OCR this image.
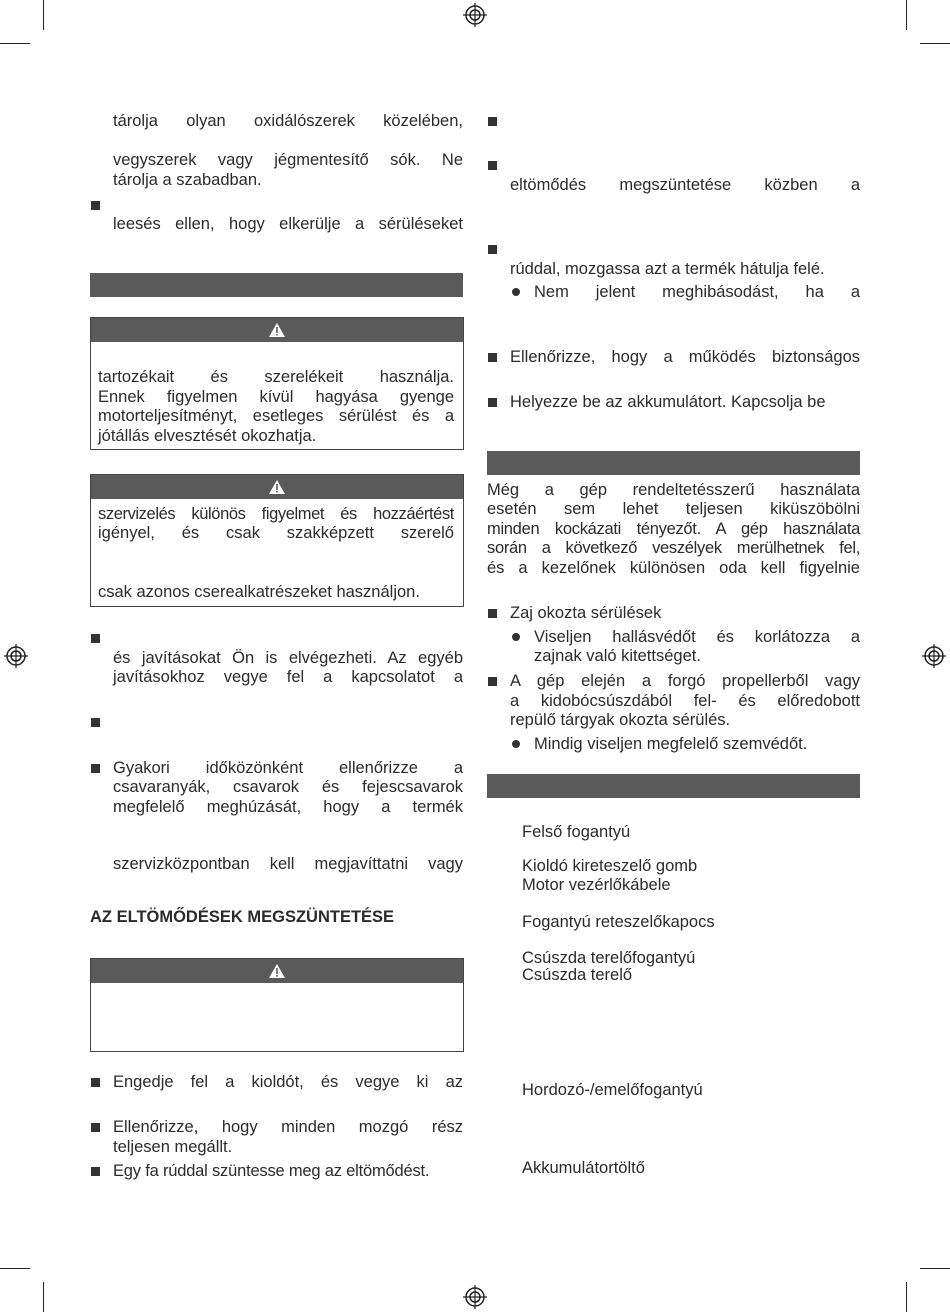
tárolja olyan oxidálószerek közelében,
vegyszerek vagy jégmentesítő sók. Ne
tárolja a szabadban.
leesés ellen, hogy elkerülje a sérüléseket
tartozékait és szerelékeit használja.
Ennek figyelmen kívül hagyása gyenge
motorteljesítményt, esetleges sérülést és a
jótállás elvesztését okozhatja.
szervizelés különös figyelmet és hozzáértést
igényel, és csak szakképzett szerelő
csak azonos cserealkatrészeket használjon.
és javításokat Ön is elvégezheti. Az egyéb
javításokhoz vegye fel a kapcsolatot a
Gyakori időközönként ellenőrizze a
csavaranyák, csavarok és fejescsavarok
megfelelő meghúzását, hogy a termék
szervizközpontban kell megjavíttatni vagy
AZ ELTÖMŐDÉSEK MEGSZÜNTETÉSE
Engedje fel a kioldót, és vegye ki az
Ellenőrizze, hogy minden mozgó rész
teljesen megállt.
Egy fa rúddal szüntesse meg az eltömődést.
eltömődés megszüntetése közben a
rúddal, mozgassa azt a termék hátulja felé.
Nem jelent meghibásodást, ha a
Ellenőrizze, hogy a működés biztonságos
Helyezze be az akkumulátort. Kapcsolja be
Még a gép rendeltetésszerű használata
esetén sem lehet teljesen kiküszöbölni
minden kockázati tényezőt. A gép használata
során a következő veszélyek merülhetnek fel,
és a kezelőnek különösen oda kell figyelnie
Zaj okozta sérülések
Viseljen hallásvédőt és korlátozza a
zajnak való kitettséget.
A gép elején a forgó propellerből vagy
a kidobócsúszdából fel- és előredobott
repülő tárgyak okozta sérülés.
Mindig viseljen megfelelő szemvédőt.
Felső fogantyú
Kioldó kireteszelő gomb
Motor vezérlőkábele
Fogantyú reteszelőkapocs
Csúszda terelőfogantyú
Csúszda terelő
Hordozó-/emelőfogantyú
Akkumulátortöltő
